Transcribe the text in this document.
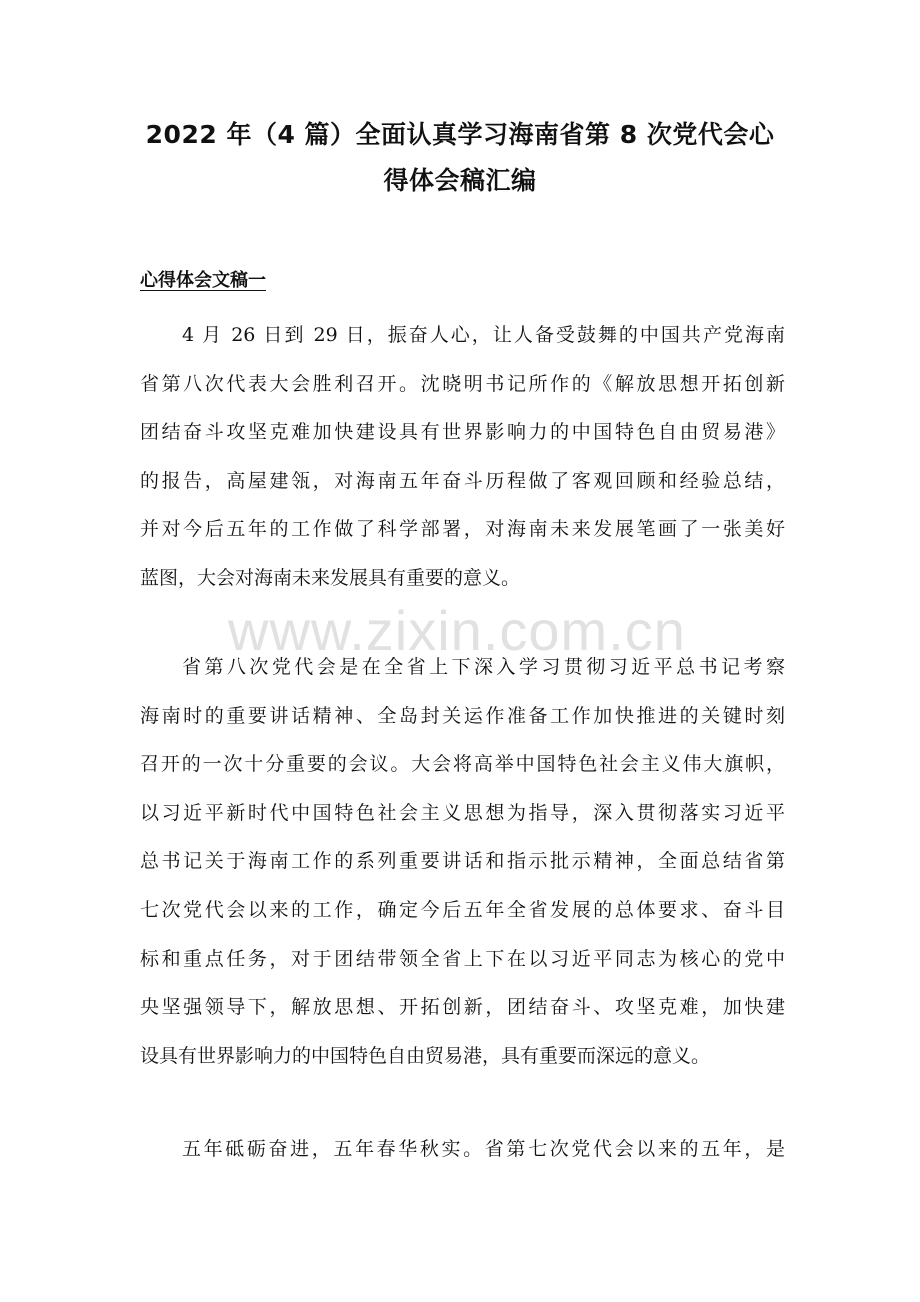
2022 年（4 篇）全面认真学习海南省第 8 次党代会心
得体会稿汇编
心得体会文稿一
4 月 26 日到 29 日，振奋人心，让人备受鼓舞的中国共产党海南
省第八次代表大会胜利召开。沈晓明书记所作的《解放思想开拓创新
团结奋斗攻坚克难加快建设具有世界影响力的中国特色自由贸易港》
的报告，高屋建瓴，对海南五年奋斗历程做了客观回顾和经验总结，
并对今后五年的工作做了科学部署，对海南未来发展笔画了一张美好
蓝图，大会对海南未来发展具有重要的意义。
www.zixin.com.cn
省第八次党代会是在全省上下深入学习贯彻习近平总书记考察
海南时的重要讲话精神、全岛封关运作准备工作加快推进的关键时刻
召开的一次十分重要的会议。大会将高举中国特色社会主义伟大旗帜，
以习近平新时代中国特色社会主义思想为指导，深入贯彻落实习近平
总书记关于海南工作的系列重要讲话和指示批示精神，全面总结省第
七次党代会以来的工作，确定今后五年全省发展的总体要求、奋斗目
标和重点任务，对于团结带领全省上下在以习近平同志为核心的党中
央坚强领导下，解放思想、开拓创新，团结奋斗、攻坚克难，加快建
设具有世界影响力的中国特色自由贸易港，具有重要而深远的意义。
五年砥砺奋进，五年春华秋实。省第七次党代会以来的五年，是
